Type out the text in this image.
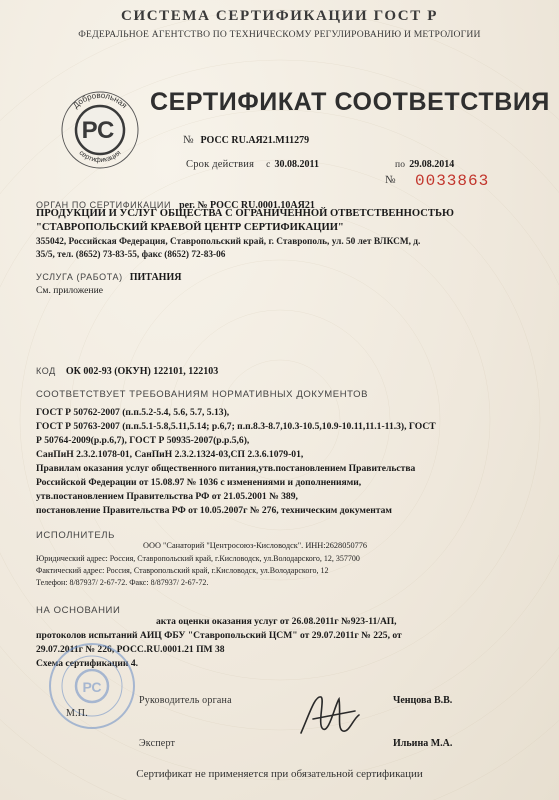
СИСТЕМА СЕРТИФИКАЦИИ ГОСТ Р
ФЕДЕРАЛЬНОЕ АГЕНТСТВО ПО ТЕХНИЧЕСКОМУ РЕГУЛИРОВАНИЮ И МЕТРОЛОГИИ
Добровольная
сертификация
РС
СЕРТИФИКАТ СООТВЕТСТВИЯ
№ РОСС RU.АЯ21.М11279
Срок действия с 30.08.2011	по 29.08.2014
№ 0033863
ОРГАН ПО СЕРТИФИКАЦИИ рег. № РОСС RU.0001.10АЯ21
ПРОДУКЦИИ И УСЛУГ ОБЩЕСТВА С ОГРАНИЧЕННОЙ ОТВЕТСТВЕННОСТЬЮ
"СТАВРОПОЛЬСКИЙ КРАЕВОЙ ЦЕНТР СЕРТИФИКАЦИИ"
355042, Российская Федерация, Ставропольский край, г. Ставрополь, ул. 50 лет ВЛКСМ, д.
35/5, тел. (8652) 73-83-55, факс (8652) 72-83-06
УСЛУГА (РАБОТА) ПИТАНИЯ
См. приложение
КОД ОК 002-93 (ОКУН) 122101, 122103
СООТВЕТСТВУЕТ ТРЕБОВАНИЯМ НОРМАТИВНЫХ ДОКУМЕНТОВ
ГОСТ Р 50762-2007 (п.п.5.2-5.4, 5.6, 5.7, 5.13),
ГОСТ Р 50763-2007 (п.п.5.1-5.8,5.11,5.14; р.6,7; п.п.8.3-8.7,10.3-10.5,10.9-10.11,11.1-11.3), ГОСТ
Р 50764-2009(р.р.6,7), ГОСТ Р 50935-2007(р.р.5,6),
СанПиН 2.3.2.1078-01, СанПиН 2.3.2.1324-03,СП 2.3.6.1079-01,
Правилам оказания услуг общественного питания,утв.постановлением Правительства
Российской Федерации от 15.08.97 № 1036 с изменениями и дополнениями,
утв.постановлением Правительства РФ от 21.05.2001 № 389,
постановление Правительства РФ от 10.05.2007г № 276, техническим документам
ИСПОЛНИТЕЛЬ
ООО "Санаторий "Центросоюз-Кисловодск". ИНН:2628050776
Юридический адрес: Россия, Ставропольский край, г.Кисловодск, ул.Володарского, 12, 357700
Фактический адрес: Россия, Ставропольский край, г.Кисловодск, ул.Володарского, 12
Телефон: 8/87937/ 2-67-72. Факс: 8/87937/ 2-67-72.
НА ОСНОВАНИИ
акта оценки оказания услуг от 26.08.2011г №923-11/АП,
протоколов испытаний АИЦ ФБУ "Ставропольский ЦСМ" от 29.07.2011г № 225, от
29.07.2011г № 226, РОСС.RU.0001.21 ПМ 38
Схема сертификации 4.
РС
М.П.
Руководитель органа	Ченцова В.В.
Эксперт	Ильина М.А.
Сертификат не применяется при обязательной сертификации
